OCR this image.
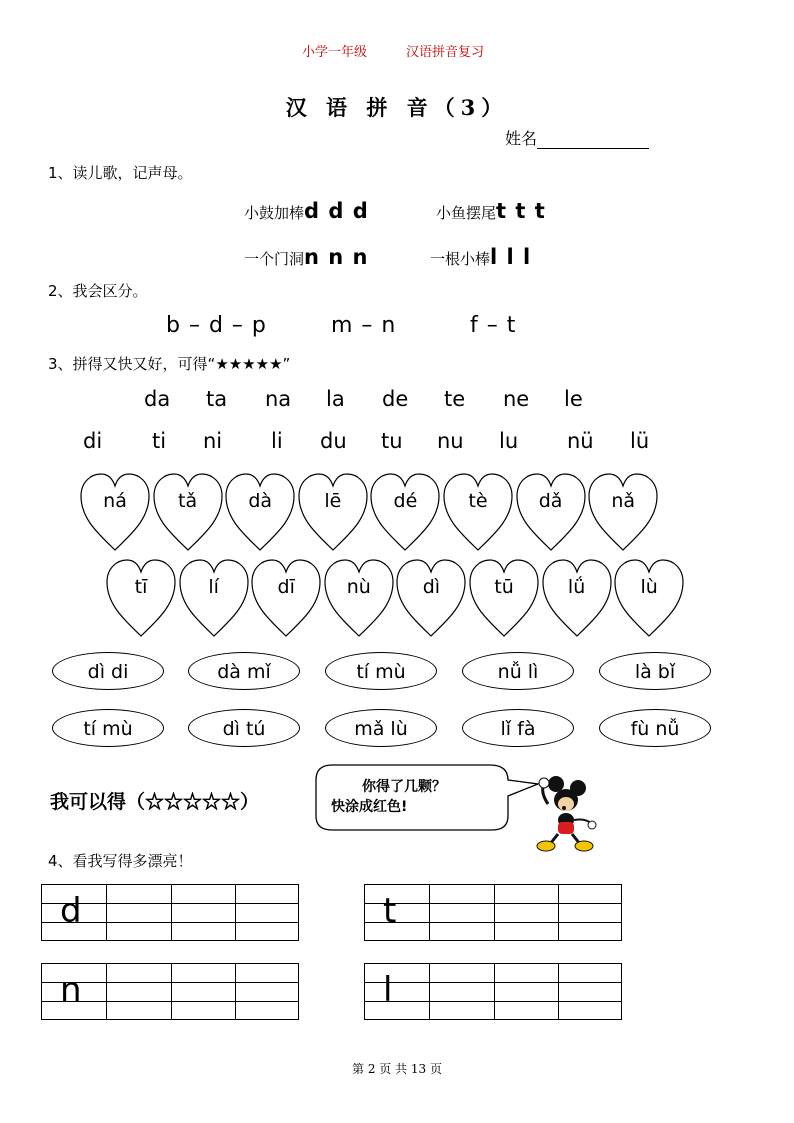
小学一年级	汉语拼音复习
汉 语 拼 音（3）
姓名
1、读儿歌，记声母。
小鼓加棒d d d	小鱼摆尾t t t
一个门洞n n n	一根小棒l l l
2、我会区分。
b – d – p	m – n	f – t
3、拼得又快又好，可得“★★★★★”
da ta na la de te ne le
di ti ni li du tu nu lu nü lü
ná	tǎ	dà	lē	dé	tè	dǎ	nǎ
tī	lí	dī	nù	dì	tū	lǘ	lù
dì di	dà mǐ	tí mù	nǚ lì	là bǐ
tí mù	dì tú	mǎ lù	lǐ fà	fù nǚ
我可以得（☆☆☆☆☆）
你得了几颗？
快涂成红色!
4、看我写得多漂亮！
d	t
n	l
第 2 页 共 13 页
